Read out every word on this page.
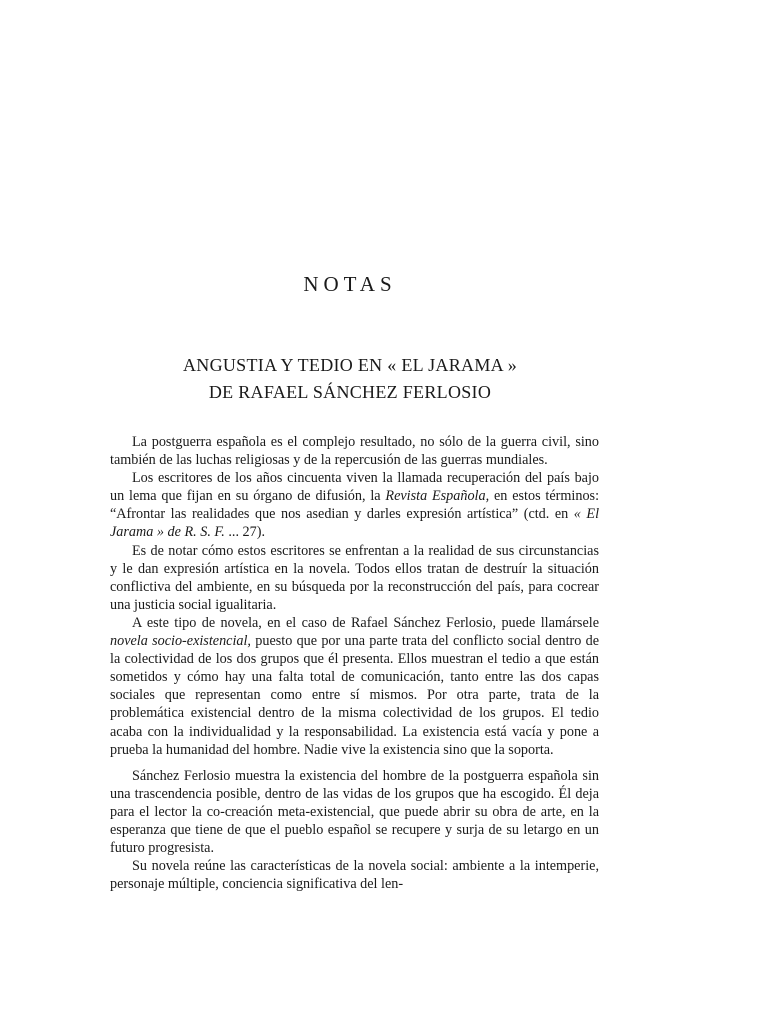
NOTAS
ANGUSTIA Y TEDIO EN « EL JARAMA »
DE RAFAEL SÁNCHEZ FERLOSIO

La postguerra española es el complejo resultado, no sólo de la guerra civil, sino también de las luchas religiosas y de la repercusión de las guerras mundiales.

Los escritores de los años cincuenta viven la llamada recuperación del país bajo un lema que fijan en su órgano de difusión, la Revista Española, en estos términos: “Afrontar las realidades que nos asedian y darles expresión artística” (ctd. en « El Jarama » de R. S. F. ... 27).

Es de notar cómo estos escritores se enfrentan a la realidad de sus circunstancias y le dan expresión artística en la novela. Todos ellos tratan de destruír la situación conflictiva del ambiente, en su búsqueda por la reconstrucción del país, para cocrear una justicia social igualitaria.

A este tipo de novela, en el caso de Rafael Sánchez Ferlosio, puede llamársele novela socio-existencial, puesto que por una parte trata del conflicto social dentro de la colectividad de los dos grupos que él presenta. Ellos muestran el tedio a que están sometidos y cómo hay una falta total de comunicación, tanto entre las dos capas sociales que representan como entre sí mismos. Por otra parte, trata de la problemática existencial dentro de la misma colectividad de los grupos. El tedio acaba con la individualidad y la responsabilidad. La existencia está vacía y pone a prueba la humanidad del hombre. Nadie vive la existencia sino que la soporta.

Sánchez Ferlosio muestra la existencia del hombre de la postguerra española sin una trascendencia posible, dentro de las vidas de los grupos que ha escogido. Él deja para el lector la co-creación meta-existencial, que puede abrir su obra de arte, en la esperanza que tiene de que el pueblo español se recupere y surja de su letargo en un futuro progresista.

Su novela reúne las características de la novela social: ambiente a la intemperie, personaje múltiple, conciencia significativa del len-
